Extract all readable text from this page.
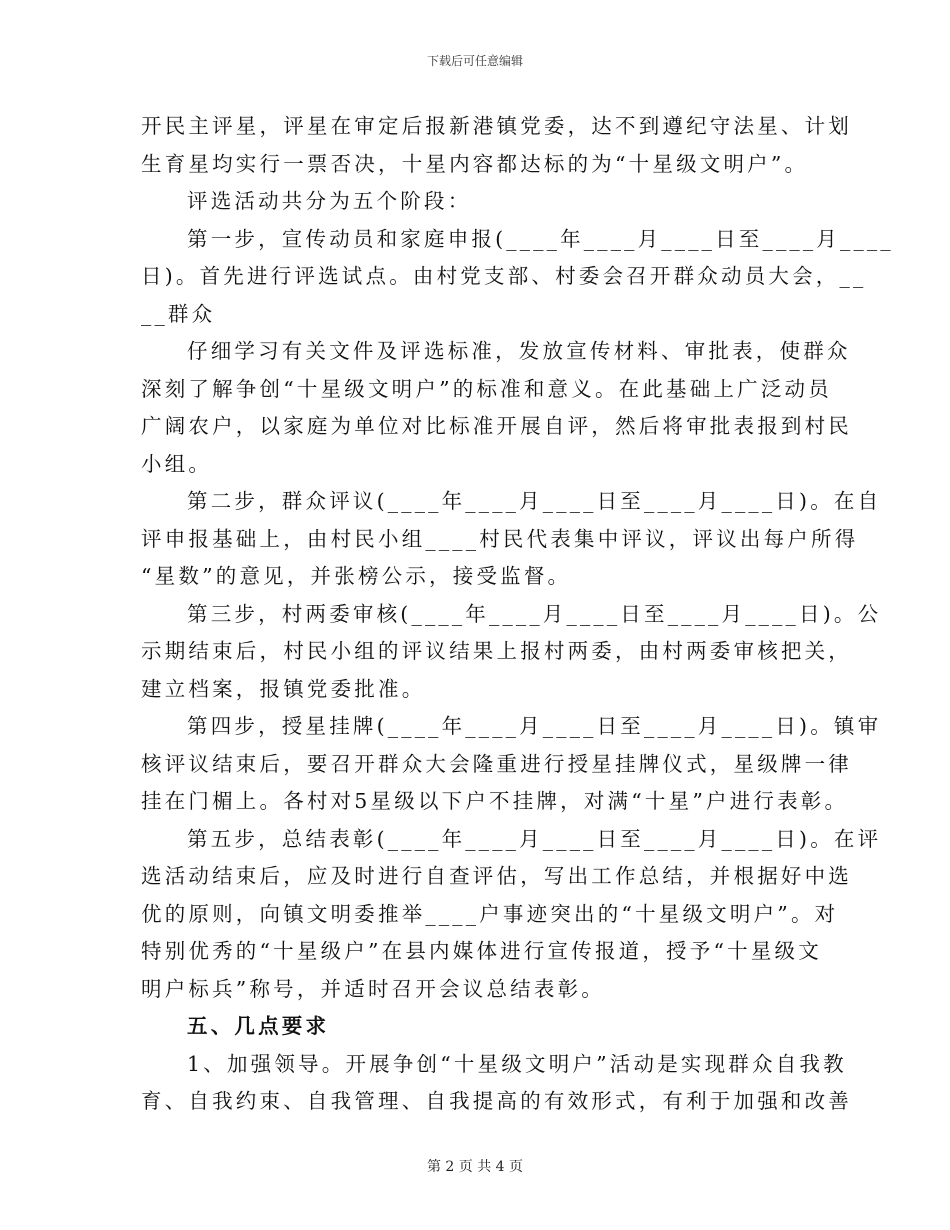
下载后可任意编辑
开民主评星，评星在审定后报新港镇党委，达不到遵纪守法星、计划
生育星均实行一票否决，十星内容都达标的为“十星级文明户”。
评选活动共分为五个阶段：
第一步，宣传动员和家庭申报(____年____月____日至____月____
日)。首先进行评选试点。由村党支部、村委会召开群众动员大会，__
__群众
仔细学习有关文件及评选标准，发放宣传材料、审批表，使群众
深刻了解争创“十星级文明户”的标准和意义。在此基础上广泛动员
广阔农户，以家庭为单位对比标准开展自评，然后将审批表报到村民
小组。
第二步，群众评议(____年____月____日至____月____日)。在自
评申报基础上，由村民小组____村民代表集中评议，评议出每户所得
“星数”的意见，并张榜公示，接受监督。
第三步，村两委审核(____年____月____日至____月____日)。公
示期结束后，村民小组的评议结果上报村两委，由村两委审核把关，
建立档案，报镇党委批准。
第四步，授星挂牌(____年____月____日至____月____日)。镇审
核评议结束后，要召开群众大会隆重进行授星挂牌仪式，星级牌一律
挂在门楣上。各村对5星级以下户不挂牌，对满“十星”户进行表彰。
第五步，总结表彰(____年____月____日至____月____日)。在评
选活动结束后，应及时进行自查评估，写出工作总结，并根据好中选
优的原则，向镇文明委推举____户事迹突出的“十星级文明户”。对
特别优秀的“十星级户”在县内媒体进行宣传报道，授予“十星级文
明户标兵”称号，并适时召开会议总结表彰。
五、几点要求
1、加强领导。开展争创“十星级文明户”活动是实现群众自我教
育、自我约束、自我管理、自我提高的有效形式，有利于加强和改善
第 2 页 共 4 页
